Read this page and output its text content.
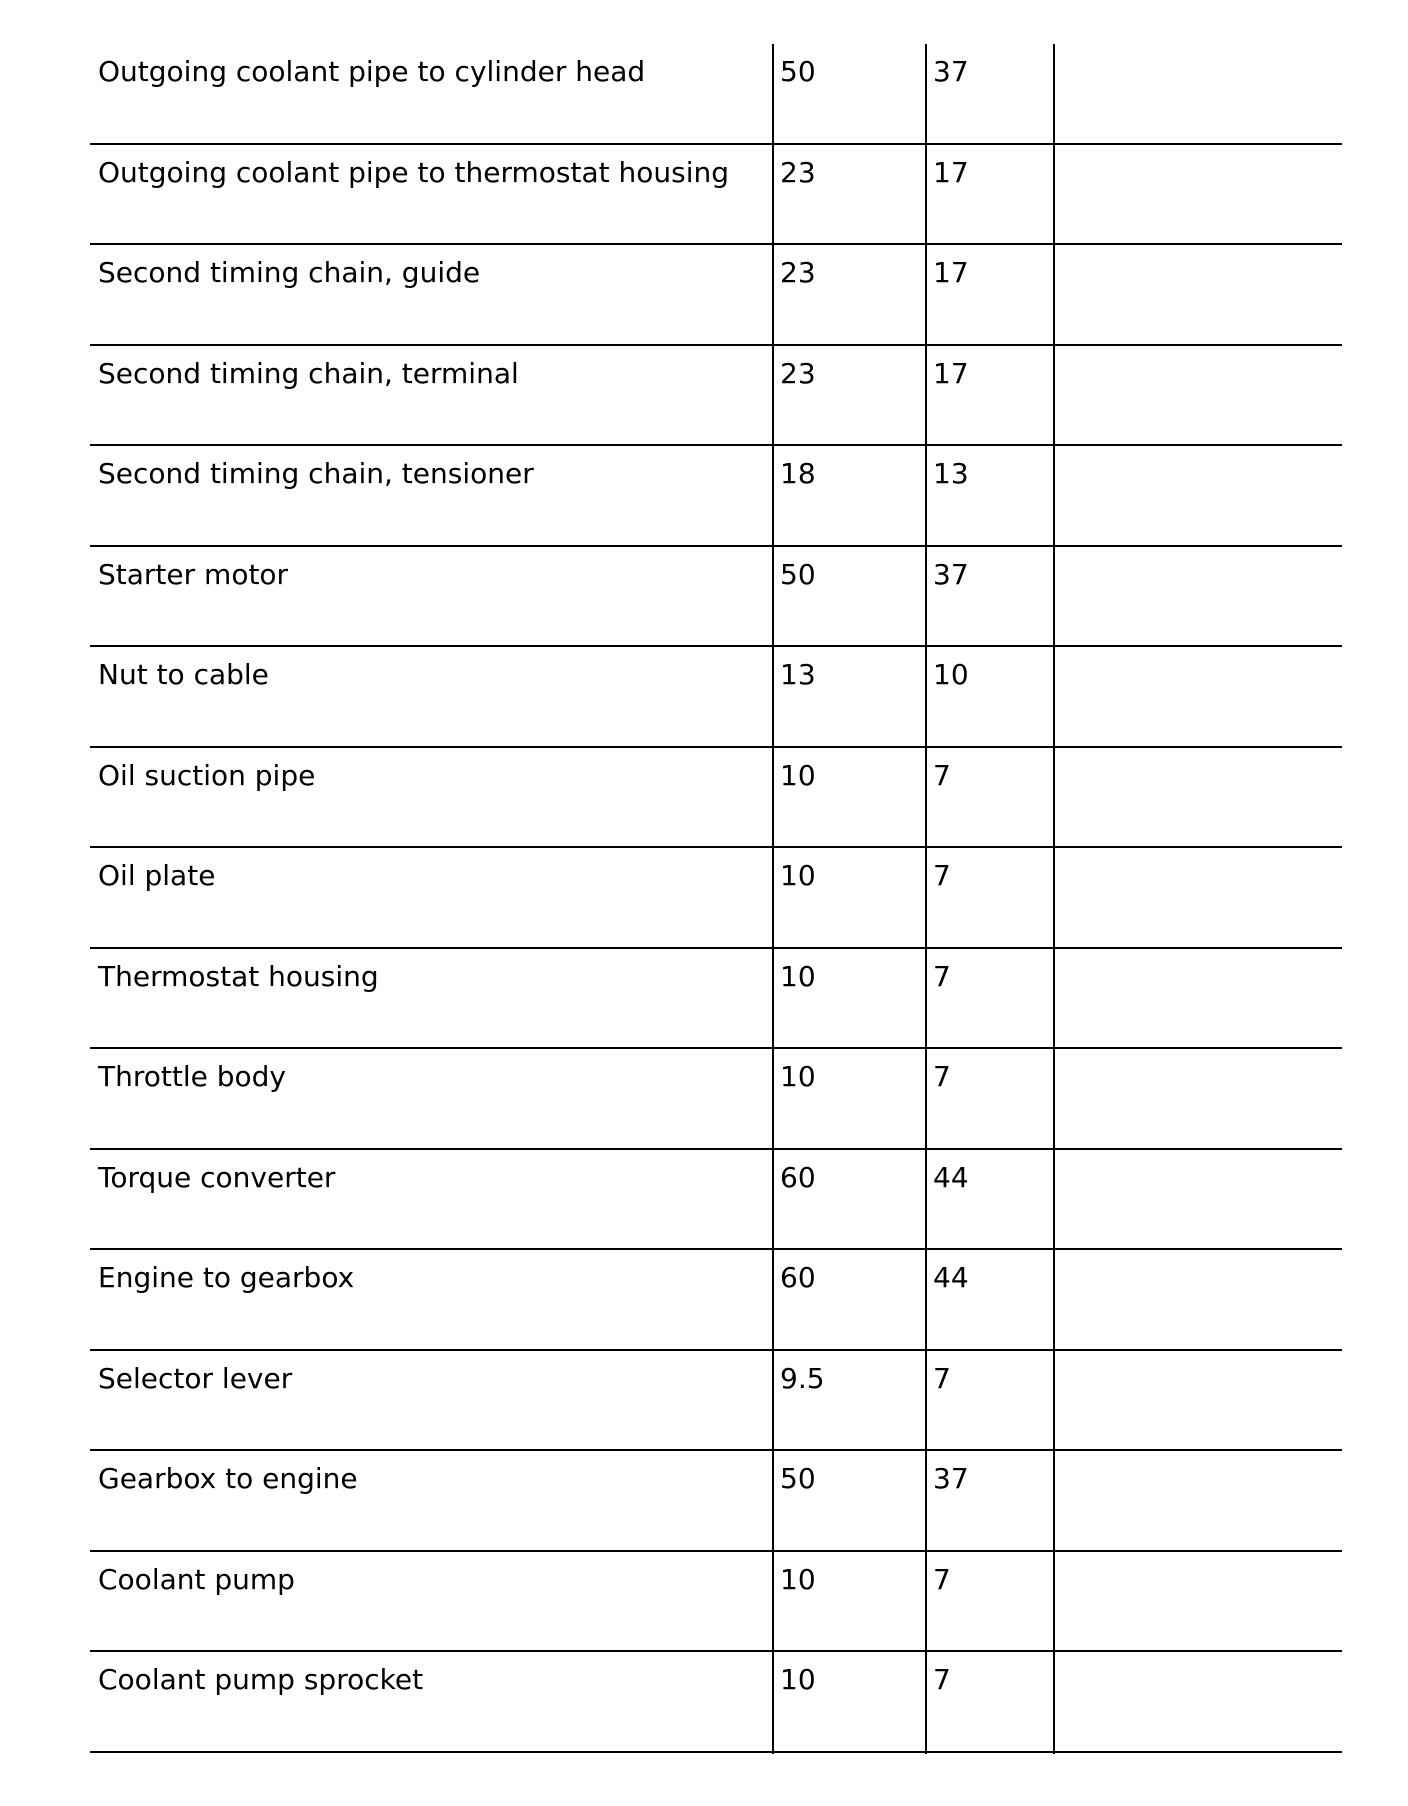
Outgoing coolant pipe to cylinder head	50	37
Outgoing coolant pipe to thermostat housing 23	17
Second timing chain, guide	23	17
Second timing chain, terminal	23	17
Second timing chain, tensioner	18	13
Starter motor	50	37
Nut to cable	13	10
Oil suction pipe	10	7
Oil plate	10	7
Thermostat housing	10	7
Throttle body	10	7
Torque converter	60	44
Engine to gearbox	60	44
Selector lever	9.5	7
Gearbox to engine	50	37
Coolant pump	10	7
Coolant pump sprocket	10	7
